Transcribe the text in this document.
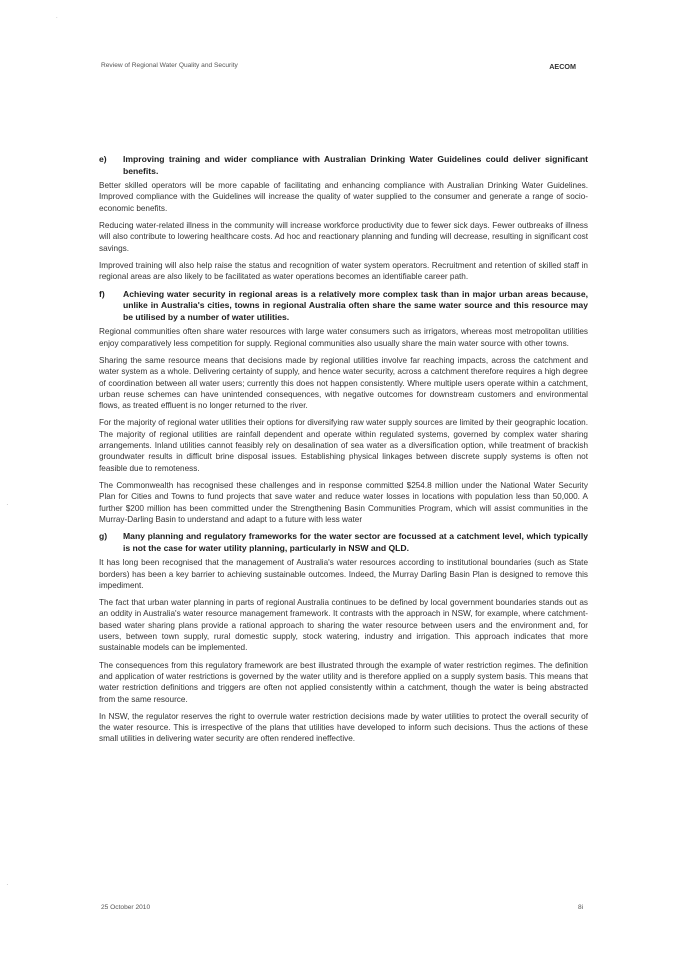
.
·
·
Review of Regional Water Quality and Security	AECOM
e)	Improving training and wider compliance with Australian Drinking Water Guidelines could deliver significant benefits.

Better skilled operators will be more capable of facilitating and enhancing compliance with Australian Drinking Water Guidelines. Improved compliance with the Guidelines will increase the quality of water supplied to the consumer and generate a range of socio-economic benefits.

Reducing water-related illness in the community will increase workforce productivity due to fewer sick days. Fewer outbreaks of illness will also contribute to lowering healthcare costs. Ad hoc and reactionary planning and funding will decrease, resulting in significant cost savings.

Improved training will also help raise the status and recognition of water system operators. Recruitment and retention of skilled staff in regional areas are also likely to be facilitated as water operations becomes an identifiable career path.

f)	Achieving water security in regional areas is a relatively more complex task than in major urban areas because, unlike in Australia's cities, towns in regional Australia often share the same water source and this resource may be utilised by a number of water utilities.

Regional communities often share water resources with large water consumers such as irrigators, whereas most metropolitan utilities enjoy comparatively less competition for supply. Regional communities also usually share the main water source with other towns.

Sharing the same resource means that decisions made by regional utilities involve far reaching impacts, across the catchment and water system as a whole. Delivering certainty of supply, and hence water security, across a catchment therefore requires a high degree of coordination between all water users; currently this does not happen consistently. Where multiple users operate within a catchment, urban reuse schemes can have unintended consequences, with negative outcomes for downstream customers and environmental flows, as treated effluent is no longer returned to the river.

For the majority of regional water utilities their options for diversifying raw water supply sources are limited by their geographic location. The majority of regional utilities are rainfall dependent and operate within regulated systems, governed by complex water sharing arrangements. Inland utilities cannot feasibly rely on desalination of sea water as a diversification option, while treatment of brackish groundwater results in difficult brine disposal issues. Establishing physical linkages between discrete supply systems is often not feasible due to remoteness.

The Commonwealth has recognised these challenges and in response committed $254.8 million under the National Water Security Plan for Cities and Towns to fund projects that save water and reduce water losses in locations with population less than 50,000. A further $200 million has been committed under the Strengthening Basin Communities Program, which will assist communities in the Murray-Darling Basin to understand and adapt to a future with less water

g)	Many planning and regulatory frameworks for the water sector are focussed at a catchment level, which typically is not the case for water utility planning, particularly in NSW and QLD.

It has long been recognised that the management of Australia's water resources according to institutional boundaries (such as State borders) has been a key barrier to achieving sustainable outcomes. Indeed, the Murray Darling Basin Plan is designed to remove this impediment.

The fact that urban water planning in parts of regional Australia continues to be defined by local government boundaries stands out as an oddity in Australia's water resource management framework. It contrasts with the approach in NSW, for example, where catchment-based water sharing plans provide a rational approach to sharing the water resource between users and the environment and, for users, between town supply, rural domestic supply, stock watering, industry and irrigation. This approach indicates that more sustainable models can be implemented.

The consequences from this regulatory framework are best illustrated through the example of water restriction regimes. The definition and application of water restrictions is governed by the water utility and is therefore applied on a supply system basis. This means that water restriction definitions and triggers are often not applied consistently within a catchment, though the water is being abstracted from the same resource.

In NSW, the regulator reserves the right to overrule water restriction decisions made by water utilities to protect the overall security of the water resource. This is irrespective of the plans that utilities have developed to inform such decisions. Thus the actions of these small utilities in delivering water security are often rendered ineffective.

25 October 2010	8i
